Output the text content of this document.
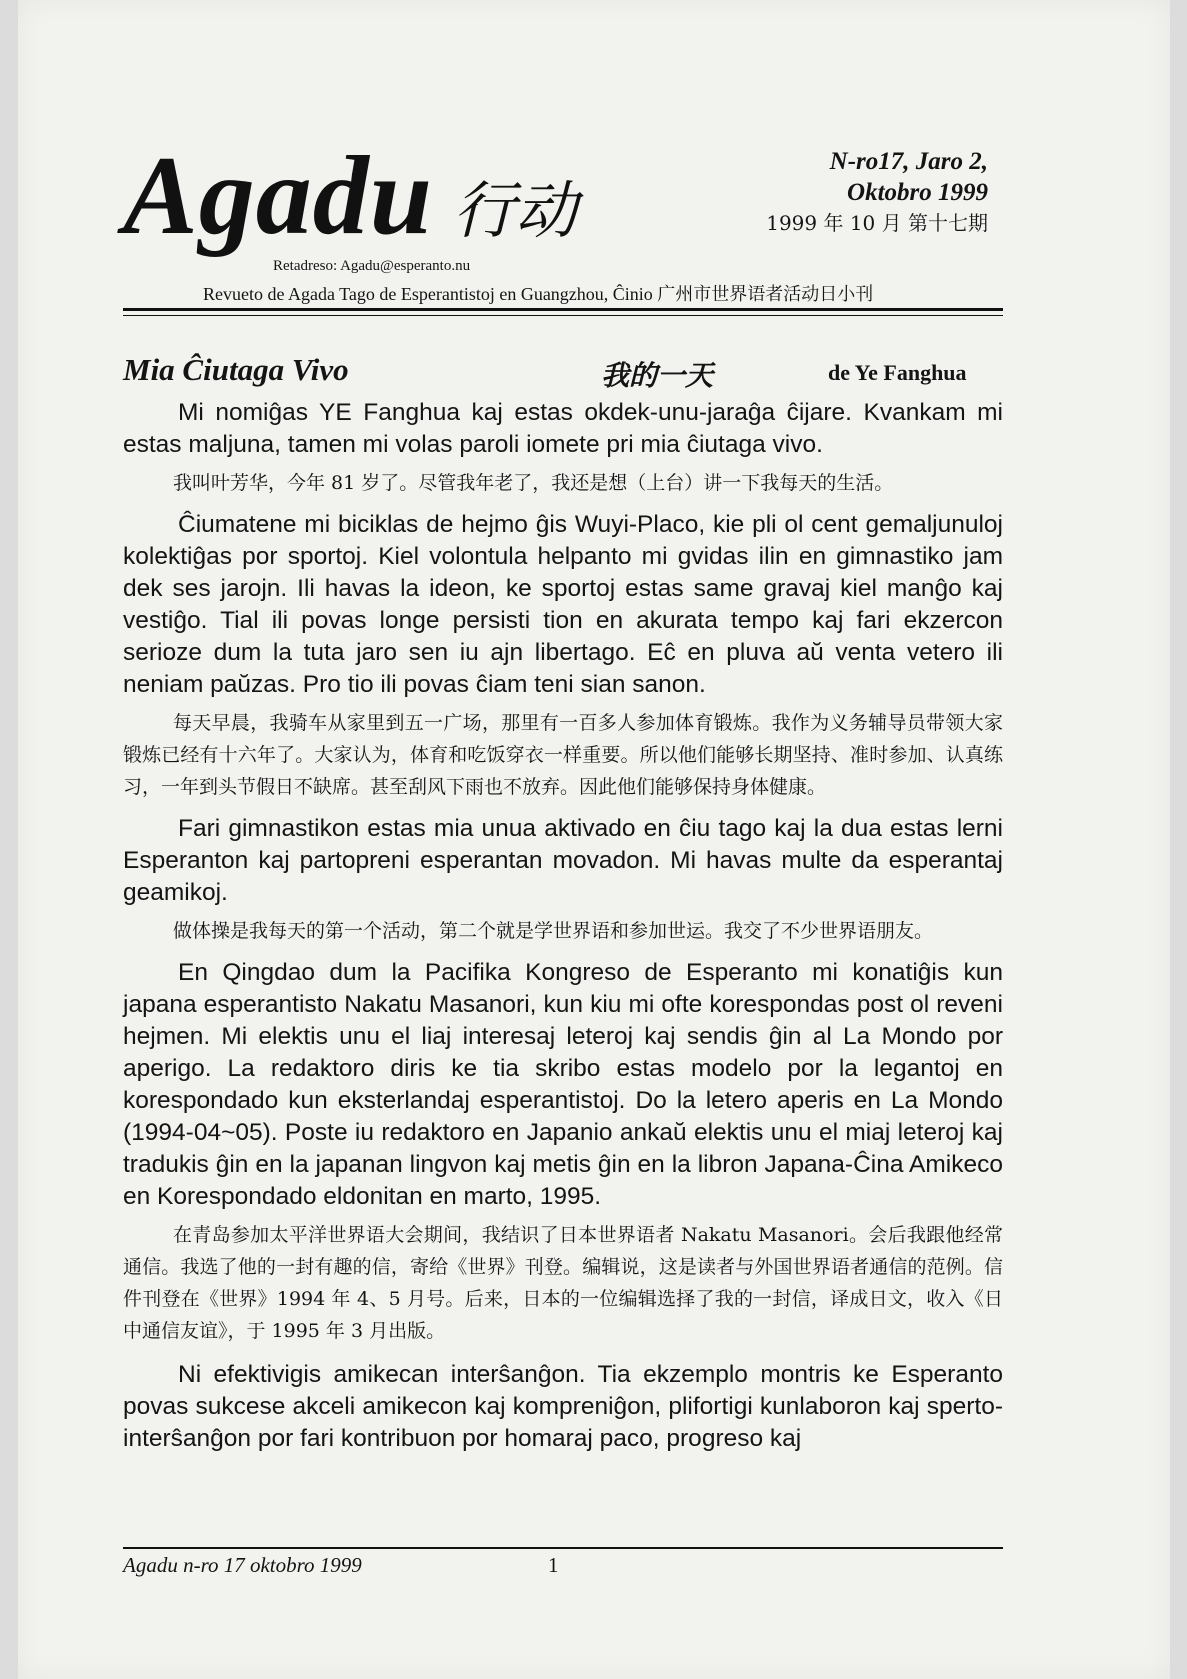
Agadu 行动
N-ro17, Jaro 2,
Oktobro 1999
1999 年 10 月 第十七期
Retadreso: Agadu@esperanto.nu
Revueto de Agada Tago de Esperantistoj en Guangzhou, Ĉinio 广州市世界语者活动日小刊
Mia Ĉiutaga Vivo	我的一天	de Ye Fanghua

Mi nomiĝas YE Fanghua kaj estas okdek-unu-jaraĝa ĉijare. Kvankam mi estas maljuna, tamen mi volas paroli iomete pri mia ĉiutaga vivo.

我叫叶芳华，今年 81 岁了。尽管我年老了，我还是想（上台）讲一下我每天的生活。

Ĉiumatene mi biciklas de hejmo ĝis Wuyi-Placo, kie pli ol cent gemaljunuloj kolektiĝas por sportoj. Kiel volontula helpanto mi gvidas ilin en gimnastiko jam dek ses jarojn. Ili havas la ideon, ke sportoj estas same gravaj kiel manĝo kaj vestiĝo. Tial ili povas longe persisti tion en akurata tempo kaj fari ekzercon serioze dum la tuta jaro sen iu ajn libertago. Eĉ en pluva aŭ venta vetero ili neniam paŭzas. Pro tio ili povas ĉiam teni sian sanon.

每天早晨，我骑车从家里到五一广场，那里有一百多人参加体育锻炼。我作为义务辅导员带领大家锻炼已经有十六年了。大家认为，体育和吃饭穿衣一样重要。所以他们能够长期坚持、准时参加、认真练习，一年到头节假日不缺席。甚至刮风下雨也不放弃。因此他们能够保持身体健康。

Fari gimnastikon estas mia unua aktivado en ĉiu tago kaj la dua estas lerni Esperanton kaj partopreni esperantan movadon. Mi havas multe da esperantaj geamikoj.

做体操是我每天的第一个活动，第二个就是学世界语和参加世运。我交了不少世界语朋友。

En Qingdao dum la Pacifika Kongreso de Esperanto mi konatiĝis kun japana esperantisto Nakatu Masanori, kun kiu mi ofte korespondas post ol reveni hejmen. Mi elektis unu el liaj interesaj leteroj kaj sendis ĝin al La Mondo por aperigo. La redaktoro diris ke tia skribo estas modelo por la legantoj en korespondado kun eksterlandaj esperantistoj. Do la letero aperis en La Mondo (1994-04~05). Poste iu redaktoro en Japanio ankaŭ elektis unu el miaj leteroj kaj tradukis ĝin en la japanan lingvon kaj metis ĝin en la libron Japana-Ĉina Amikeco en Korespondado eldonitan en marto, 1995.

在青岛参加太平洋世界语大会期间，我结识了日本世界语者 Nakatu Masanori。会后我跟他经常通信。我选了他的一封有趣的信，寄给《世界》刊登。编辑说，这是读者与外国世界语者通信的范例。信件刊登在《世界》1994 年 4、5 月号。后来，日本的一位编辑选择了我的一封信，译成日文，收入《日中通信友谊》，于 1995 年 3 月出版。

Ni efektivigis amikecan interŝanĝon. Tia ekzemplo montris ke Esperanto povas sukcese akceli amikecon kaj kompreniĝon, plifortigi kunlaboron kaj sperto-interŝanĝon por fari kontribuon por homaraj paco, progreso kaj

Agadu n-ro 17 oktobro 1999	1
